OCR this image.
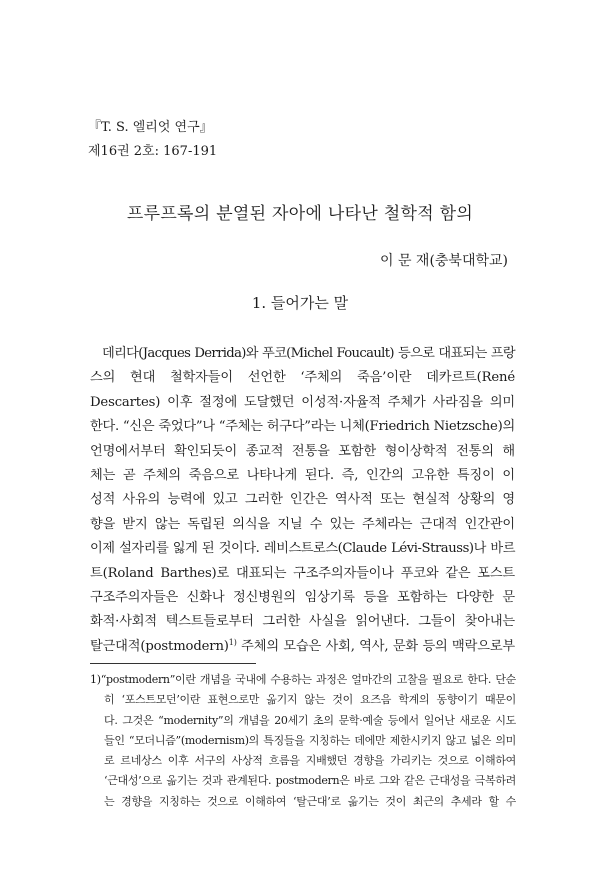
『T. S. 엘리엇 연구』
제16권 2호: 167-191
프루프록의 분열된 자아에 나타난 철학적 함의
이 문 재(충북대학교)
1. 들어가는 말
데리다(Jacques Derrida)와 푸코(Michel Foucault) 등으로 대표되는 프랑
스의 현대 철학자들이 선언한 ‘주체의 죽음’이란 데카르트(René
Descartes) 이후 절정에 도달했던 이성적·자율적 주체가 사라짐을 의미
한다. “신은 죽었다”나 “주체는 허구다”라는 니체(Friedrich Nietzsche)의
언명에서부터 확인되듯이 종교적 전통을 포함한 형이상학적 전통의 해
체는 곧 주체의 죽음으로 나타나게 된다. 즉, 인간의 고유한 특징이 이
성적 사유의 능력에 있고 그러한 인간은 역사적 또는 현실적 상황의 영
향을 받지 않는 독립된 의식을 지닐 수 있는 주체라는 근대적 인간관이
이제 설자리를 잃게 된 것이다. 레비스트로스(Claude Lévi-Strauss)나 바르
트(Roland Barthes)로 대표되는 구조주의자들이나 푸코와 같은 포스트
구조주의자들은 신화나 정신병원의 임상기록 등을 포함하는 다양한 문
화적·사회적 텍스트들로부터 그러한 사실을 읽어낸다. 그들이 찾아내는
탈근대적(postmodern)$^{1)}$ 주체의 모습은 사회, 역사, 문화 등의 맥락으로부
1)“postmodern”이란 개념을 국내에 수용하는 과정은 얼마간의 고찰을 필요로 한다. 단순
히 ‘포스트모던’이란 표현으로만 옮기지 않는 것이 요즈음 학계의 동향이기 때문이
다. 그것은 “modernity”의 개념을 20세기 초의 문학·예술 등에서 일어난 새로운 시도
들인 “모더니즘”(modernism)의 특징들을 지칭하는 데에만 제한시키지 않고 넓은 의미
로 르네상스 이후 서구의 사상적 흐름을 지배했던 경향을 가리키는 것으로 이해하여
‘근대성’으로 옮기는 것과 관계된다. postmodern은 바로 그와 같은 근대성을 극복하려
는 경향을 지칭하는 것으로 이해하여 ‘탈근대’로 옮기는 것이 최근의 추세라 할 수
